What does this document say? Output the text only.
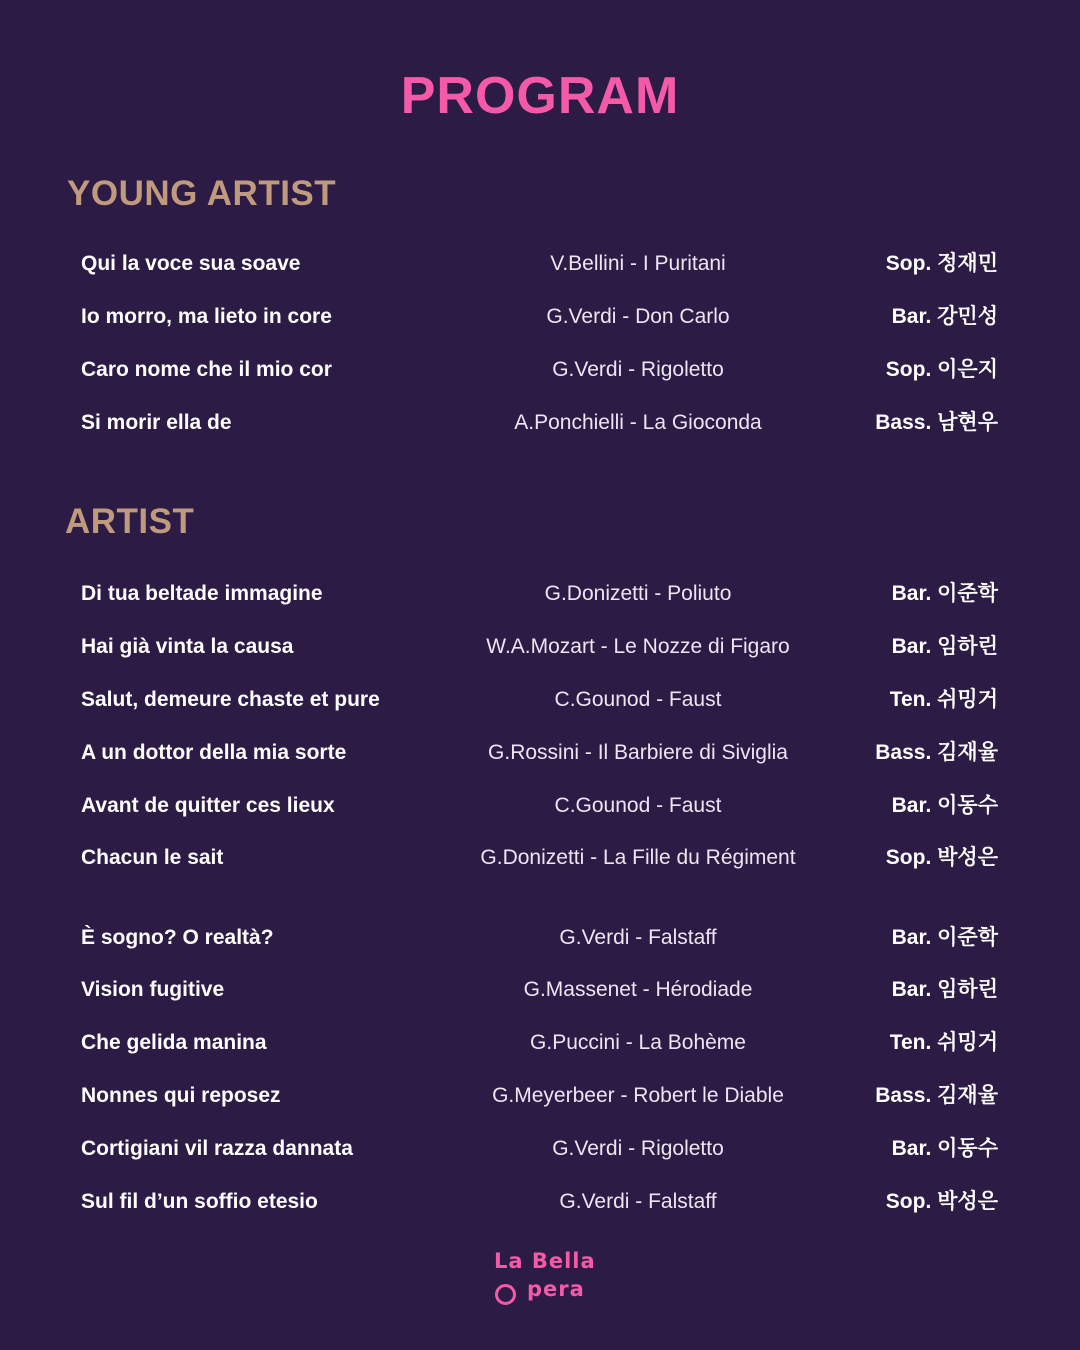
PROGRAM
YOUNG ARTIST
Qui la voce sua soave	V.Bellini - I Puritani	Sop. 정재민
Io morro, ma lieto in core	G.Verdi - Don Carlo	Bar. 강민성
Caro nome che il mio cor	G.Verdi - Rigoletto	Sop. 이은지
Si morir ella de	A.Ponchielli - La Gioconda	Bass. 남현우
ARTIST
Di tua beltade immagine	G.Donizetti - Poliuto	Bar. 이준학
Hai già vinta la causa	W.A.Mozart - Le Nozze di Figaro	Bar. 임하린
Salut, demeure chaste et pure	C.Gounod - Faust	Ten. 쉬밍거
A un dottor della mia sorte	G.Rossini - Il Barbiere di Siviglia	Bass. 김재율
Avant de quitter ces lieux	C.Gounod - Faust	Bar. 이동수
Chacun le sait	G.Donizetti - La Fille du Régiment	Sop. 박성은
È sogno? O realtà?	G.Verdi - Falstaff	Bar. 이준학
Vision fugitive	G.Massenet - Hérodiade	Bar. 임하린
Che gelida manina	G.Puccini - La Bohème	Ten. 쉬밍거
Nonnes qui reposez	G.Meyerbeer - Robert le Diable	Bass. 김재율
Cortigiani vil razza dannata	G.Verdi - Rigoletto	Bar. 이동수
Sul fil d’un soffio etesio	G.Verdi - Falstaff	Sop. 박성은
La Bella
pera
